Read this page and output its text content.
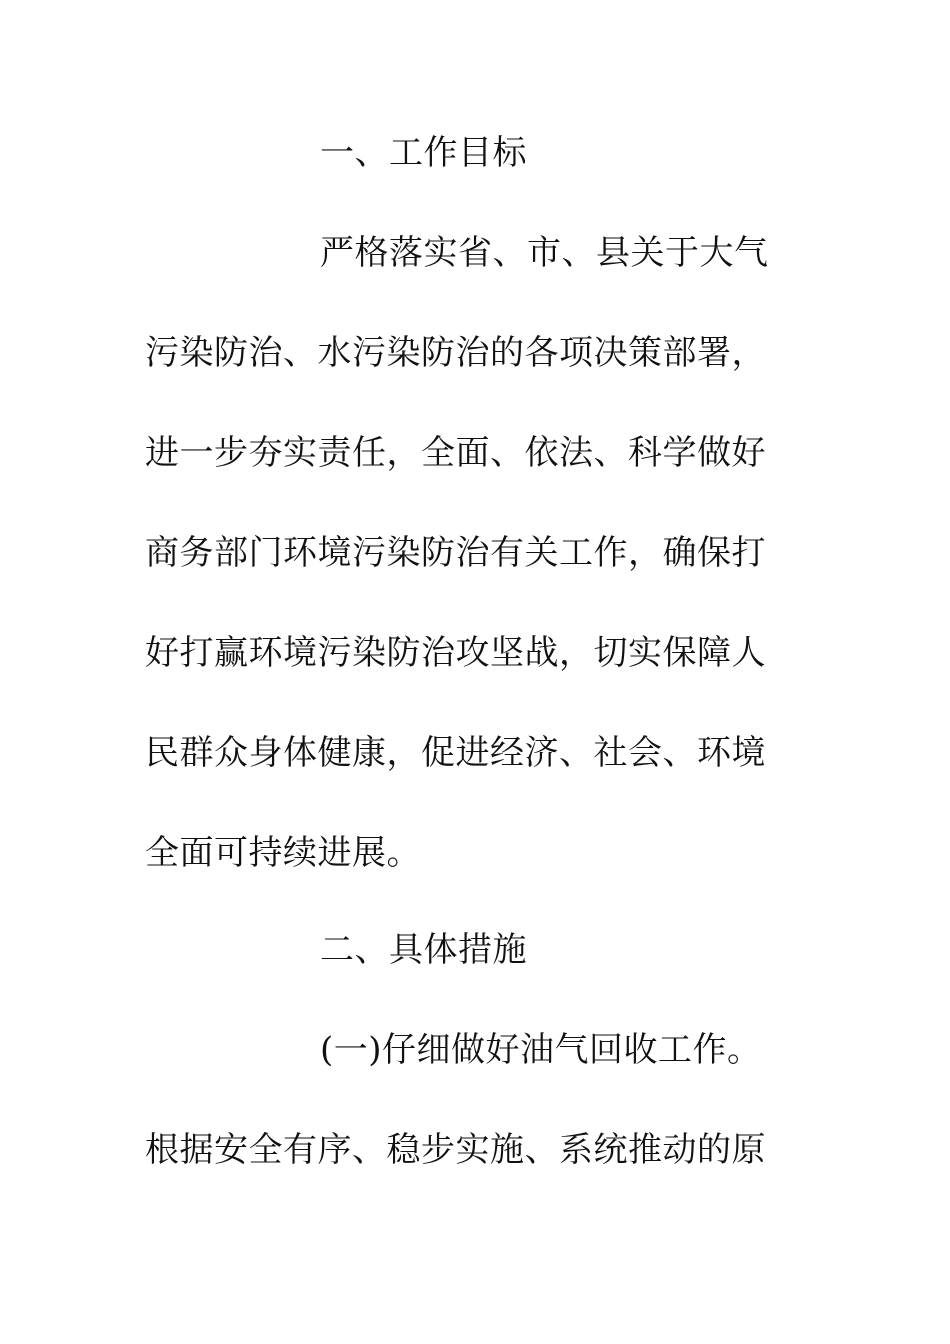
一、工作目标
严格落实省、市、县关于大气
污染防治、水污染防治的各项决策部署，
进一步夯实责任，全面、依法、科学做好
商务部门环境污染防治有关工作，确保打
好打赢环境污染防治攻坚战，切实保障人
民群众身体健康，促进经济、社会、环境
全面可持续进展。
二、具体措施
(一)仔细做好油气回收工作。
根据安全有序、稳步实施、系统推动的原
